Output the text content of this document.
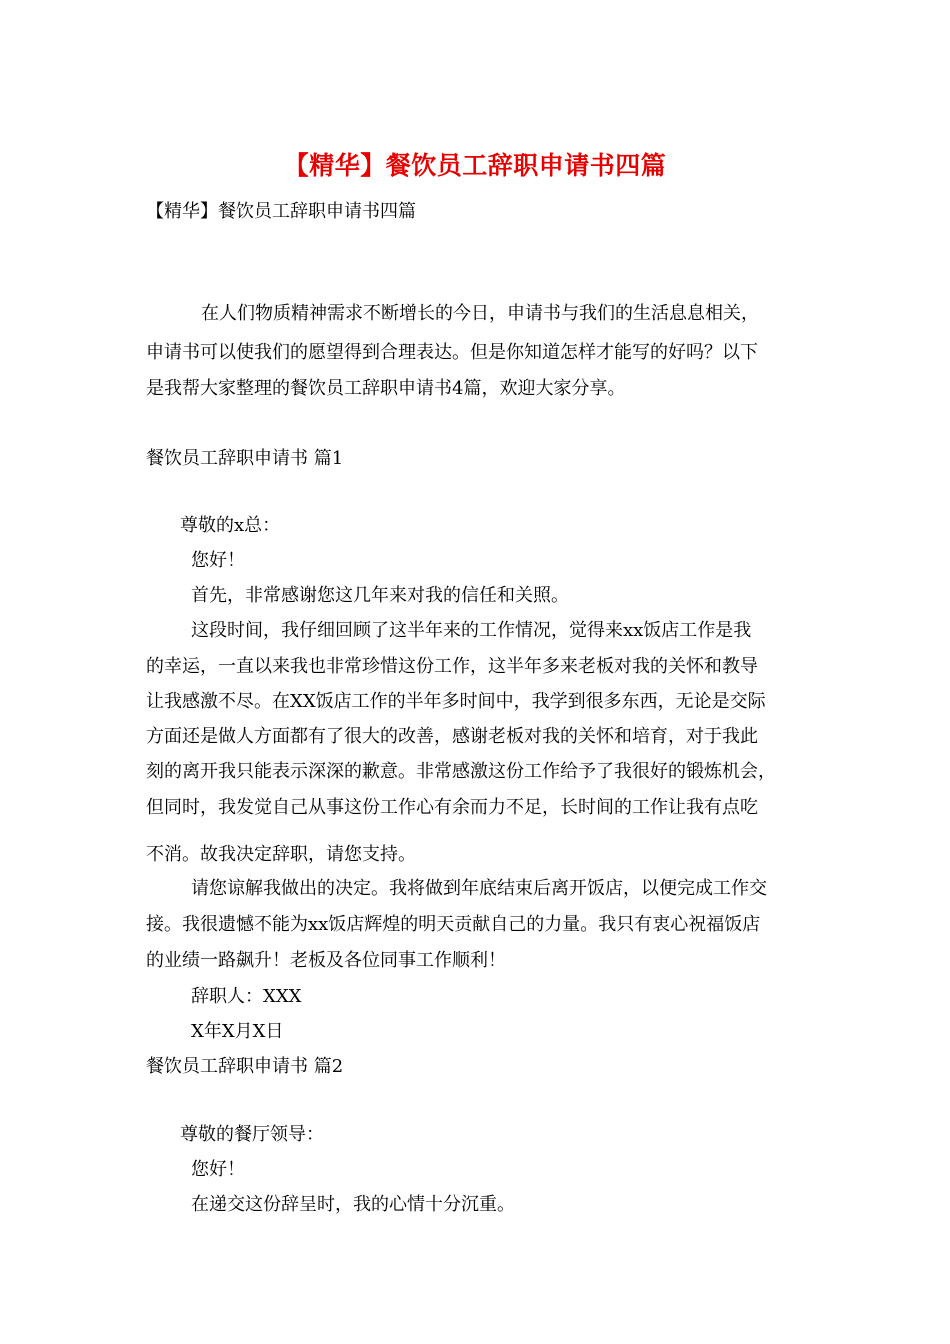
【精华】餐饮员工辞职申请书四篇
【精华】餐饮员工辞职申请书四篇
在人们物质精神需求不断增长的今日，申请书与我们的生活息息相关，
申请书可以使我们的愿望得到合理表达。但是你知道怎样才能写的好吗？以下
是我帮大家整理的餐饮员工辞职申请书4篇，欢迎大家分享。
餐饮员工辞职申请书 篇1
尊敬的x总：
您好！
首先，非常感谢您这几年来对我的信任和关照。
这段时间，我仔细回顾了这半年来的工作情况，觉得来xx饭店工作是我
的幸运，一直以来我也非常珍惜这份工作，这半年多来老板对我的关怀和教导
让我感激不尽。在XX饭店工作的半年多时间中，我学到很多东西，无论是交际
方面还是做人方面都有了很大的改善，感谢老板对我的关怀和培育，对于我此
刻的离开我只能表示深深的歉意。非常感激这份工作给予了我很好的锻炼机会，
但同时，我发觉自己从事这份工作心有余而力不足，长时间的工作让我有点吃
不消。故我决定辞职，请您支持。
请您谅解我做出的决定。我将做到年底结束后离开饭店，以便完成工作交
接。我很遗憾不能为xx饭店辉煌的明天贡献自己的力量。我只有衷心祝福饭店
的业绩一路飙升！老板及各位同事工作顺利！
辞职人：XXX
X年X月X日
餐饮员工辞职申请书 篇2
尊敬的餐厅领导：
您好！
在递交这份辞呈时，我的心情十分沉重。
